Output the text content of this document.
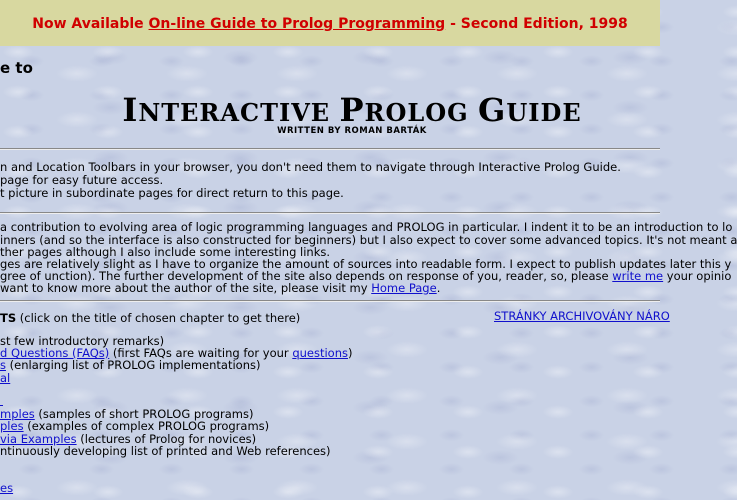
Now Available On-line Guide to Prolog Programming - Second Edition, 1998
e to
INTERACTIVE PROLOG GUIDE
WRITTEN BY ROMAN BARTÁK
n and Location Toolbars in your browser, you don't need them to navigate through Interactive Prolog Guide.
page for easy future access.
t picture in subordinate pages for direct return to this page.
a contribution to evolving area of logic programming languages and PROLOG in particular. I indent it to be an introduction to lo
inners (and so the interface is also constructed for beginners) but I also expect to cover some advanced topics. It's not meant a
ther pages although I also include some interesting links.
ges are relatively slight as I have to organize the amount of sources into readable form. I expect to publish updates later this y
gree of unction). The further development of the site also depends on response of you, reader, so, please write me your opinio
want to know more about the author of the site, please visit my Home Page.
TS (click on the title of chosen chapter to get there)	STRÁNKY ARCHIVOVÁNY NÁRO
st few introductory remarks)
d Questions (FAQs) (first FAQs are waiting for your questions)
s (enlarging list of PROLOG implementations)
al
mples (samples of short PROLOG programs)
ples (examples of complex PROLOG programs)
via Examples (lectures of Prolog for novices)
ntinuously developing list of printed and Web references)
es
